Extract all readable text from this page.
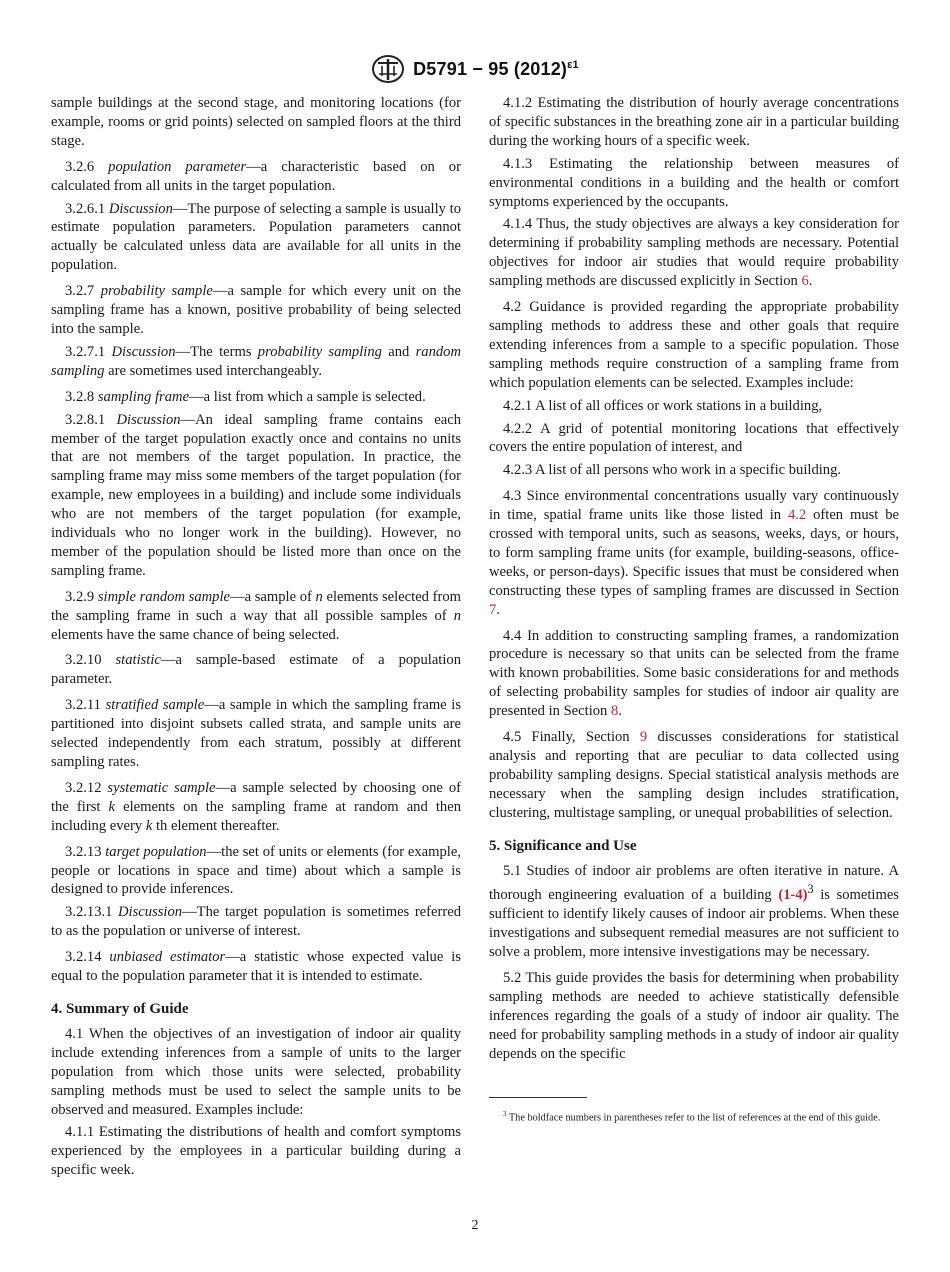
D5791 − 95 $(2012)^{\varepsilon 1}$

sample buildings at the second stage, and monitoring locations (for example, rooms or grid points) selected on sampled floors at the third stage.

3.2.6 population parameter—a characteristic based on or calculated from all units in the target population.

3.2.6.1 Discussion—The purpose of selecting a sample is usually to estimate population parameters. Population parameters cannot actually be calculated unless data are available for all units in the population.

3.2.7 probability sample—a sample for which every unit on the sampling frame has a known, positive probability of being selected into the sample.

3.2.7.1 Discussion—The terms probability sampling and random sampling are sometimes used interchangeably.

3.2.8 sampling frame—a list from which a sample is selected.

3.2.8.1 Discussion—An ideal sampling frame contains each member of the target population exactly once and contains no units that are not members of the target population. In practice, the sampling frame may miss some members of the target population (for example, new employees in a building) and include some individuals who are not members of the target population (for example, individuals who no longer work in the building). However, no member of the population should be listed more than once on the sampling frame.

3.2.9 simple random sample—a sample of n elements selected from the sampling frame in such a way that all possible samples of n elements have the same chance of being selected.

3.2.10 statistic—a sample-based estimate of a population parameter.

3.2.11 stratified sample—a sample in which the sampling frame is partitioned into disjoint subsets called strata, and sample units are selected independently from each stratum, possibly at different sampling rates.

3.2.12 systematic sample—a sample selected by choosing one of the first k elements on the sampling frame at random and then including every k th element thereafter.

3.2.13 target population—the set of units or elements (for example, people or locations in space and time) about which a sample is designed to provide inferences.

3.2.13.1 Discussion—The target population is sometimes referred to as the population or universe of interest.

3.2.14 unbiased estimator—a statistic whose expected value is equal to the population parameter that it is intended to estimate.

4. Summary of Guide

4.1 When the objectives of an investigation of indoor air quality include extending inferences from a sample of units to the larger population from which those units were selected, probability sampling methods must be used to select the sample units to be observed and measured. Examples include:

4.1.1 Estimating the distributions of health and comfort symptoms experienced by the employees in a particular building during a specific week.

4.1.2 Estimating the distribution of hourly average concentrations of specific substances in the breathing zone air in a particular building during the working hours of a specific week.

4.1.3 Estimating the relationship between measures of environmental conditions in a building and the health or comfort symptoms experienced by the occupants.

4.1.4 Thus, the study objectives are always a key consideration for determining if probability sampling methods are necessary. Potential objectives for indoor air studies that would require probability sampling methods are discussed explicitly in Section 6.

4.2 Guidance is provided regarding the appropriate probability sampling methods to address these and other goals that require extending inferences from a sample to a specific population. Those sampling methods require construction of a sampling frame from which population elements can be selected. Examples include:

4.2.1 A list of all offices or work stations in a building,

4.2.2 A grid of potential monitoring locations that effectively covers the entire population of interest, and

4.2.3 A list of all persons who work in a specific building.

4.3 Since environmental concentrations usually vary continuously in time, spatial frame units like those listed in 4.2 often must be crossed with temporal units, such as seasons, weeks, days, or hours, to form sampling frame units (for example, building-seasons, office-weeks, or person-days). Specific issues that must be considered when constructing these types of sampling frames are discussed in Section 7.

4.4 In addition to constructing sampling frames, a randomization procedure is necessary so that units can be selected from the frame with known probabilities. Some basic considerations for and methods of selecting probability samples for studies of indoor air quality are presented in Section 8.

4.5 Finally, Section 9 discusses considerations for statistical analysis and reporting that are peculiar to data collected using probability sampling designs. Special statistical analysis methods are necessary when the sampling design includes stratification, clustering, multistage sampling, or unequal probabilities of selection.

5. Significance and Use

5.1 Studies of indoor air problems are often iterative in nature. A thorough engineering evaluation of a building $(1-4)^3$ is sometimes sufficient to identify likely causes of indoor air problems. When these investigations and subsequent remedial measures are not sufficient to solve a problem, more intensive investigations may be necessary.

5.2 This guide provides the basis for determining when probability sampling methods are needed to achieve statistically defensible inferences regarding the goals of a study of indoor air quality. The need for probability sampling methods in a study of indoor air quality depends on the specific

$^3$ The boldface numbers in parentheses refer to the list of references at the end of this guide.

2
